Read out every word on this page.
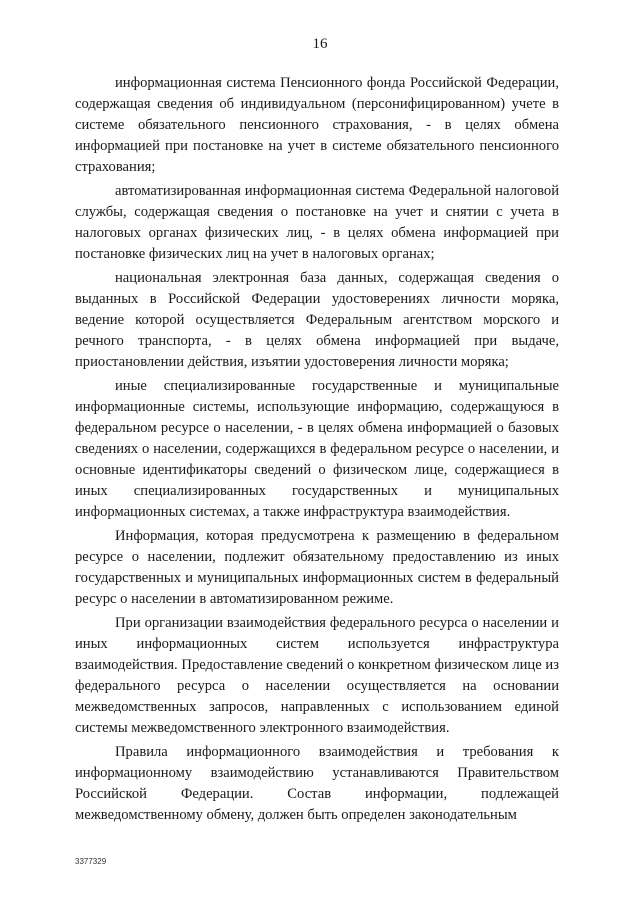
16

информационная система Пенсионного фонда Российской Федерации, содержащая сведения об индивидуальном (персонифицированном) учете в системе обязательного пенсионного страхования, - в целях обмена информацией при постановке на учет в системе обязательного пенсионного страхования;

автоматизированная информационная система Федеральной налоговой службы, содержащая сведения о постановке на учет и снятии с учета в налоговых органах физических лиц, - в целях обмена информацией при постановке физических лиц на учет в налоговых органах;

национальная электронная база данных, содержащая сведения о выданных в Российской Федерации удостоверениях личности моряка, ведение которой осуществляется Федеральным агентством морского и речного транспорта, - в целях обмена информацией при выдаче, приостановлении действия, изъятии удостоверения личности моряка;

иные специализированные государственные и муниципальные информационные системы, использующие информацию, содержащуюся в федеральном ресурсе о населении, - в целях обмена информацией о базовых сведениях о населении, содержащихся в федеральном ресурсе о населении, и основные идентификаторы сведений о физическом лице, содержащиеся в иных специализированных государственных и муниципальных информационных системах, а также инфраструктура взаимодействия.

Информация, которая предусмотрена к размещению в федеральном ресурсе о населении, подлежит обязательному предоставлению из иных государственных и муниципальных информационных систем в федеральный ресурс о населении в автоматизированном режиме.

При организации взаимодействия федерального ресурса о населении и иных информационных систем используется инфраструктура взаимодействия. Предоставление сведений о конкретном физическом лице из федерального ресурса о населении осуществляется на основании межведомственных запросов, направленных с использованием единой системы межведомственного электронного взаимодействия.

Правила информационного взаимодействия и требования к информационному взаимодействию устанавливаются Правительством Российской Федерации. Состав информации, подлежащей межведомственному обмену, должен быть определен законодательным

3377329
